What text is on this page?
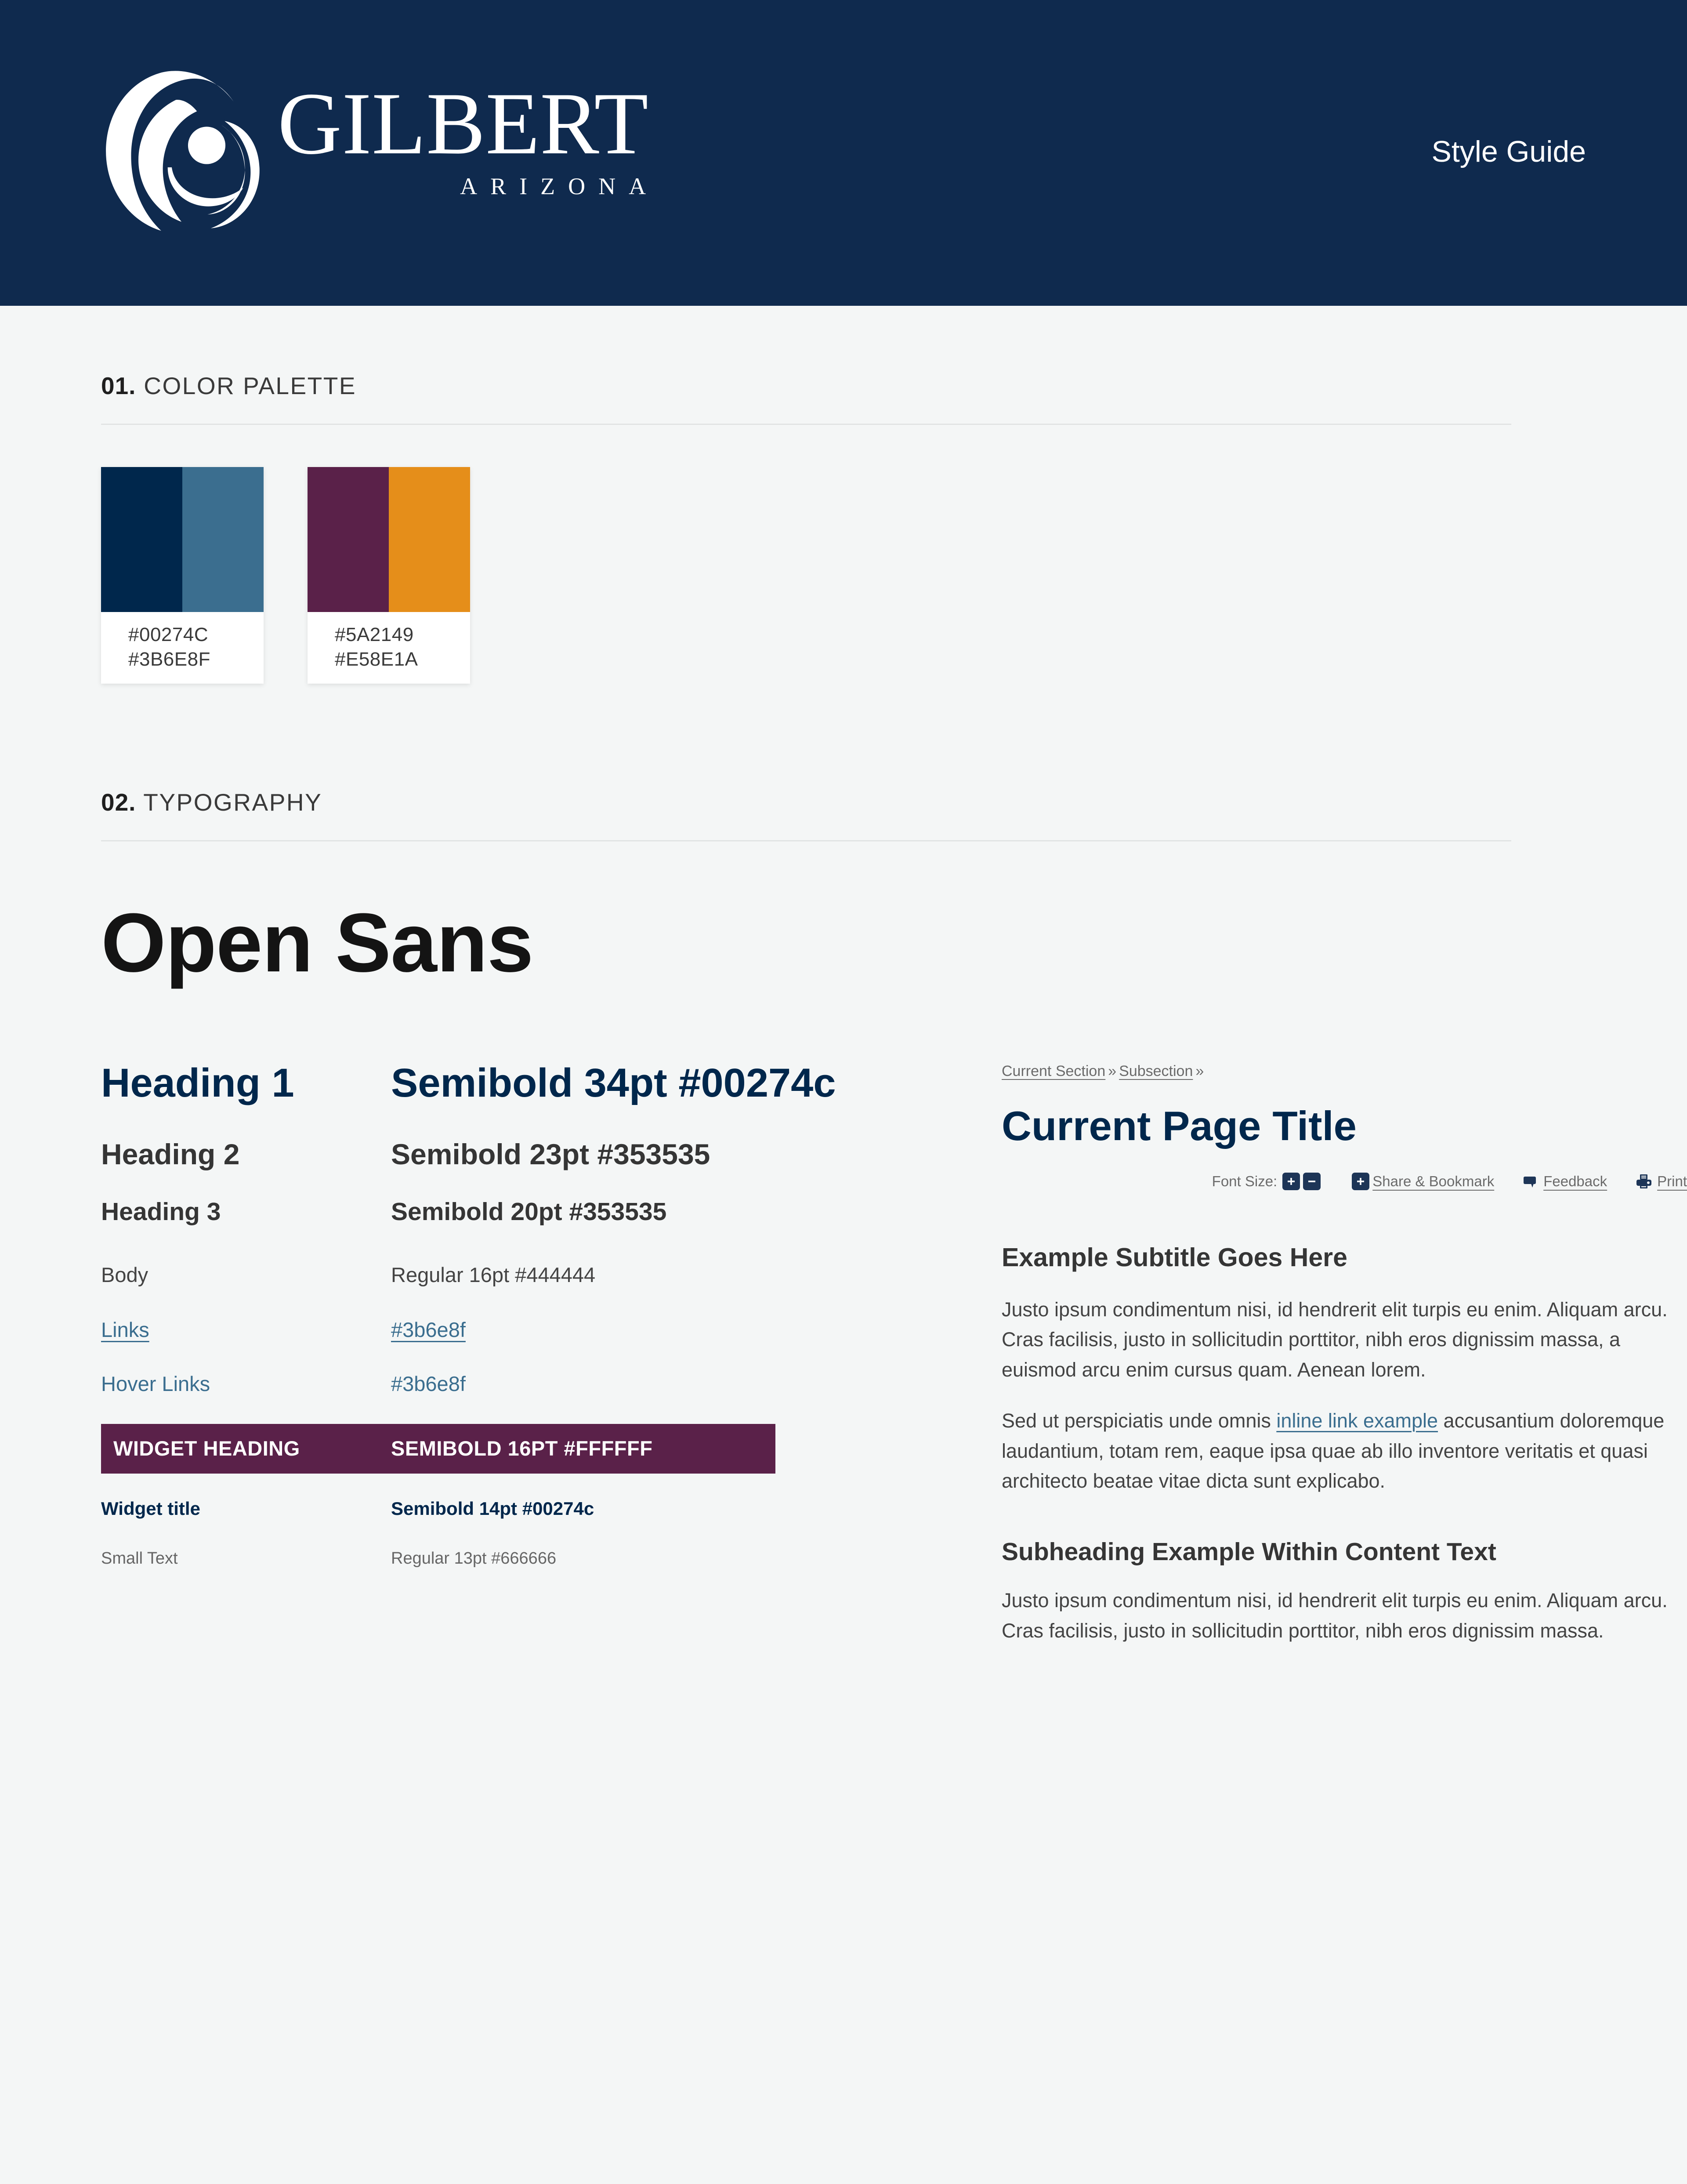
GILBERT
ARIZONA
Style Guide
01. COLOR PALETTE
#00274C
#3B6E8F
#5A2149
#E58E1A
02. TYPOGRAPHY
Open Sans
Heading 1	Semibold 34pt #00274c
Heading 2	Semibold 23pt #353535
Heading 3	Semibold 20pt #353535
Body	Regular 16pt #444444
Links	#3b6e8f
Hover Links	#3b6e8f
WIDGET HEADING	SEMIBOLD 16PT #FFFFFF
Widget title	Semibold 14pt #00274c
Small Text	Regular 13pt #666666
Current Section » Subsection »
Current Page Title
Font Size:	Share & Bookmark	Feedback	Print
Example Subtitle Goes Here

Justo ipsum condimentum nisi, id hendrerit elit turpis eu enim. Aliquam arcu. Cras facilisis, justo in sollicitudin porttitor, nibh eros dignissim massa, a euismod arcu enim cursus quam. Aenean lorem.

Sed ut perspiciatis unde omnis inline link example accusantium doloremque laudantium, totam rem, eaque ipsa quae ab illo inventore veritatis et quasi architecto beatae vitae dicta sunt explicabo.

Subheading Example Within Content Text

Justo ipsum condimentum nisi, id hendrerit elit turpis eu enim. Aliquam arcu. Cras facilisis, justo in sollicitudin porttitor, nibh eros dignissim massa.
